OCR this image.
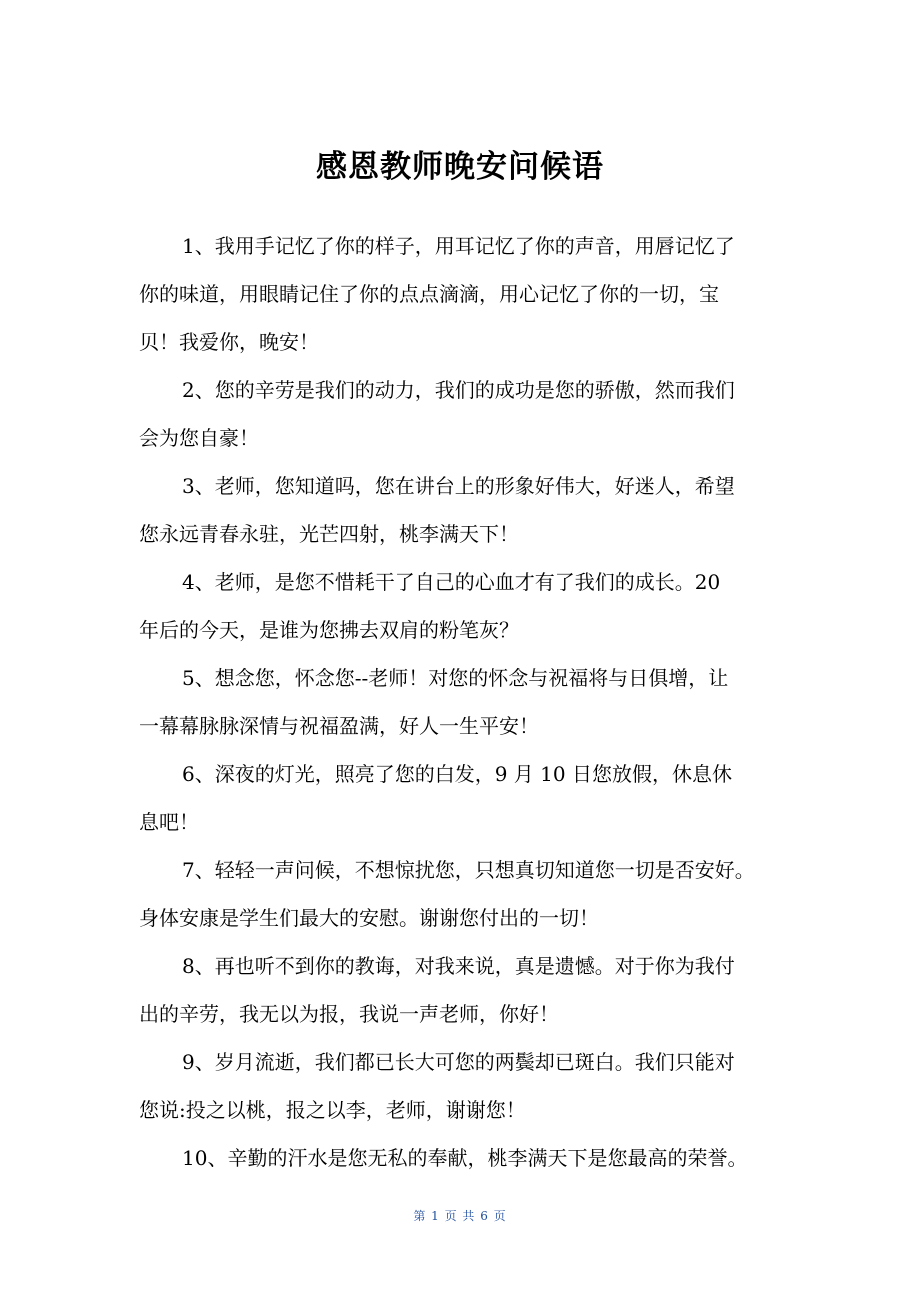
感恩教师晚安问候语
1、我用手记忆了你的样子，用耳记忆了你的声音，用唇记忆了
你的味道，用眼睛记住了你的点点滴滴，用心记忆了你的一切，宝
贝！我爱你，晚安！
2、您的辛劳是我们的动力，我们的成功是您的骄傲，然而我们
会为您自豪！
3、老师，您知道吗，您在讲台上的形象好伟大，好迷人，希望
您永远青春永驻，光芒四射，桃李满天下！
4、老师，是您不惜耗干了自己的心血才有了我们的成长。20
年后的今天，是谁为您拂去双肩的粉笔灰？
5、想念您，怀念您--老师！对您的怀念与祝福将与日俱增，让
一幕幕脉脉深情与祝福盈满，好人一生平安！
6、深夜的灯光，照亮了您的白发，9 月 10 日您放假，休息休
息吧！
7、轻轻一声问候，不想惊扰您，只想真切知道您一切是否安好。
身体安康是学生们最大的安慰。谢谢您付出的一切！
8、再也听不到你的教诲，对我来说，真是遗憾。对于你为我付
出的辛劳，我无以为报，我说一声老师，你好！
9、岁月流逝，我们都已长大可您的两鬓却已斑白。我们只能对
您说:投之以桃，报之以李，老师，谢谢您！
10、辛勤的汗水是您无私的奉献，桃李满天下是您最高的荣誉。
第 1 页 共 6 页
